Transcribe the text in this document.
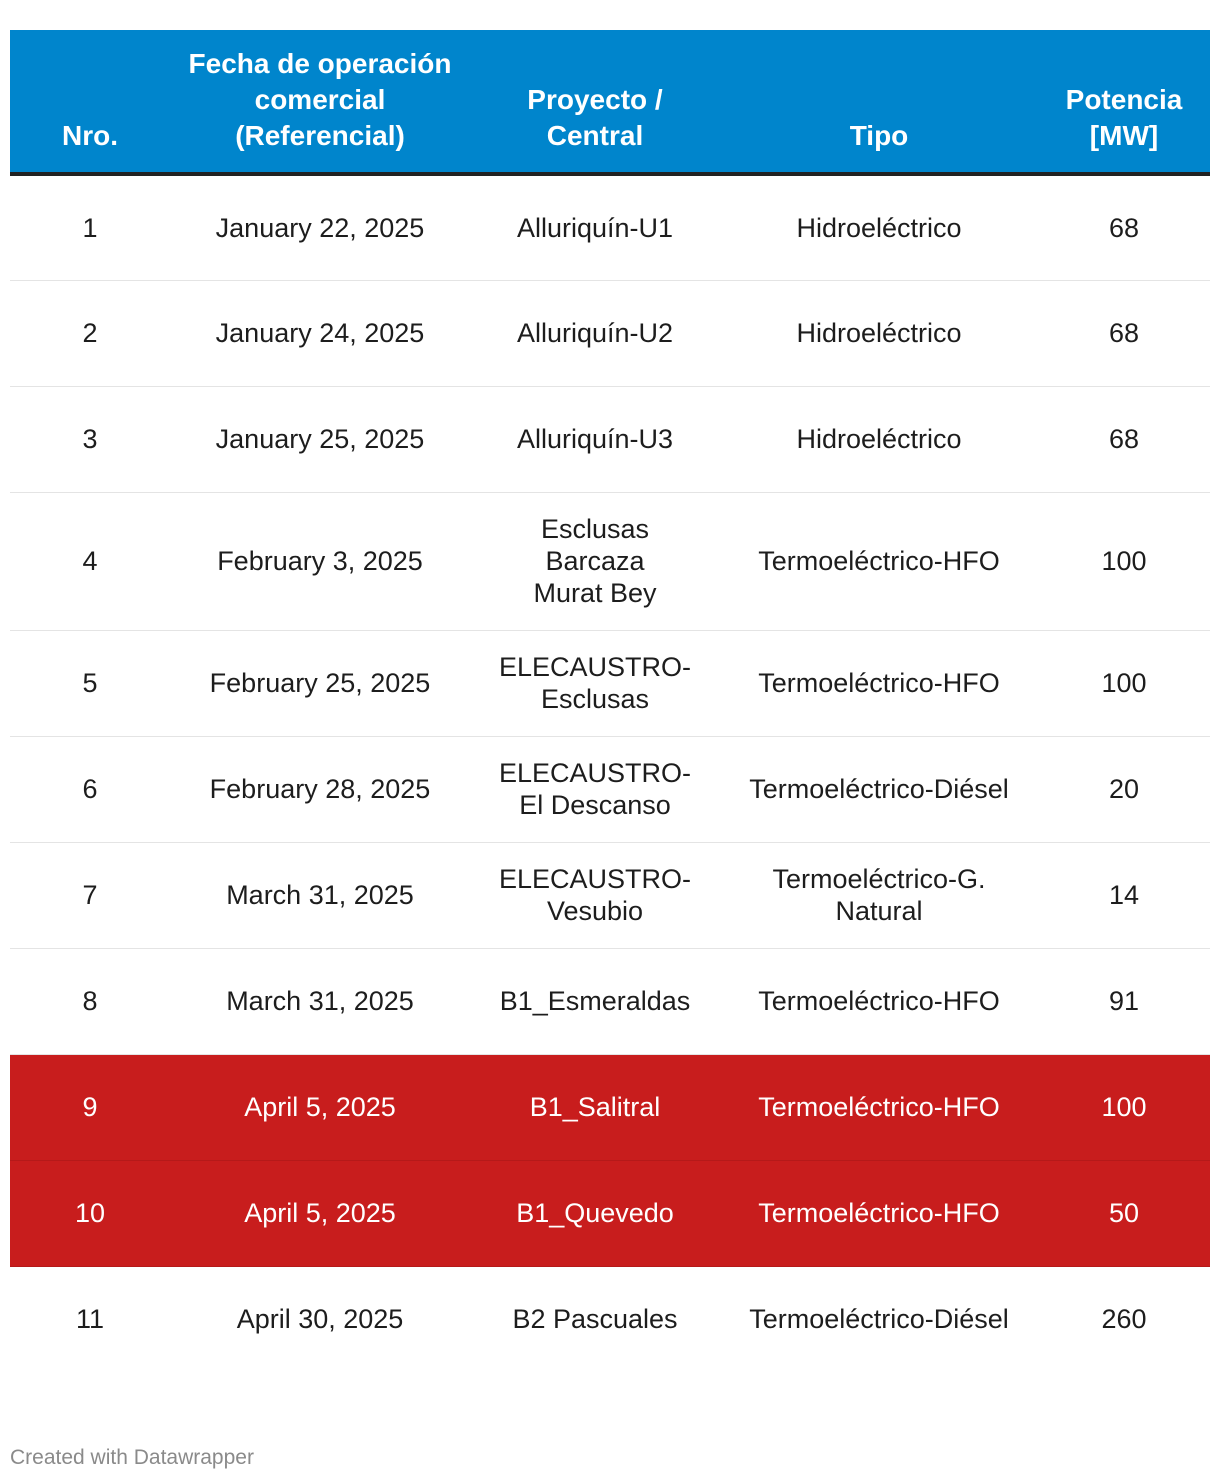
Nro.	Fecha de operación comercial (Referencial)	Proyecto / Central	Tipo	Potencia [MW]
1	January 22, 2025	Alluriquín-U1	Hidroeléctrico	68
2	January 24, 2025	Alluriquín-U2	Hidroeléctrico	68
3	January 25, 2025	Alluriquín-U3	Hidroeléctrico	68
4	February 3, 2025	Esclusas Barcaza Murat Bey	Termoeléctrico-HFO	100
5	February 25, 2025	ELECAUSTRO-Esclusas	Termoeléctrico-HFO	100
6	February 28, 2025	ELECAUSTRO-El Descanso	Termoeléctrico-Diésel	20
7	March 31, 2025	ELECAUSTRO-Vesubio	Termoeléctrico-G. Natural	14
8	March 31, 2025	B1_Esmeraldas	Termoeléctrico-HFO	91
9	April 5, 2025	B1_Salitral	Termoeléctrico-HFO	100
10	April 5, 2025	B1_Quevedo	Termoeléctrico-HFO	50
11	April 30, 2025	B2 Pascuales	Termoeléctrico-Diésel	260
Created with Datawrapper
